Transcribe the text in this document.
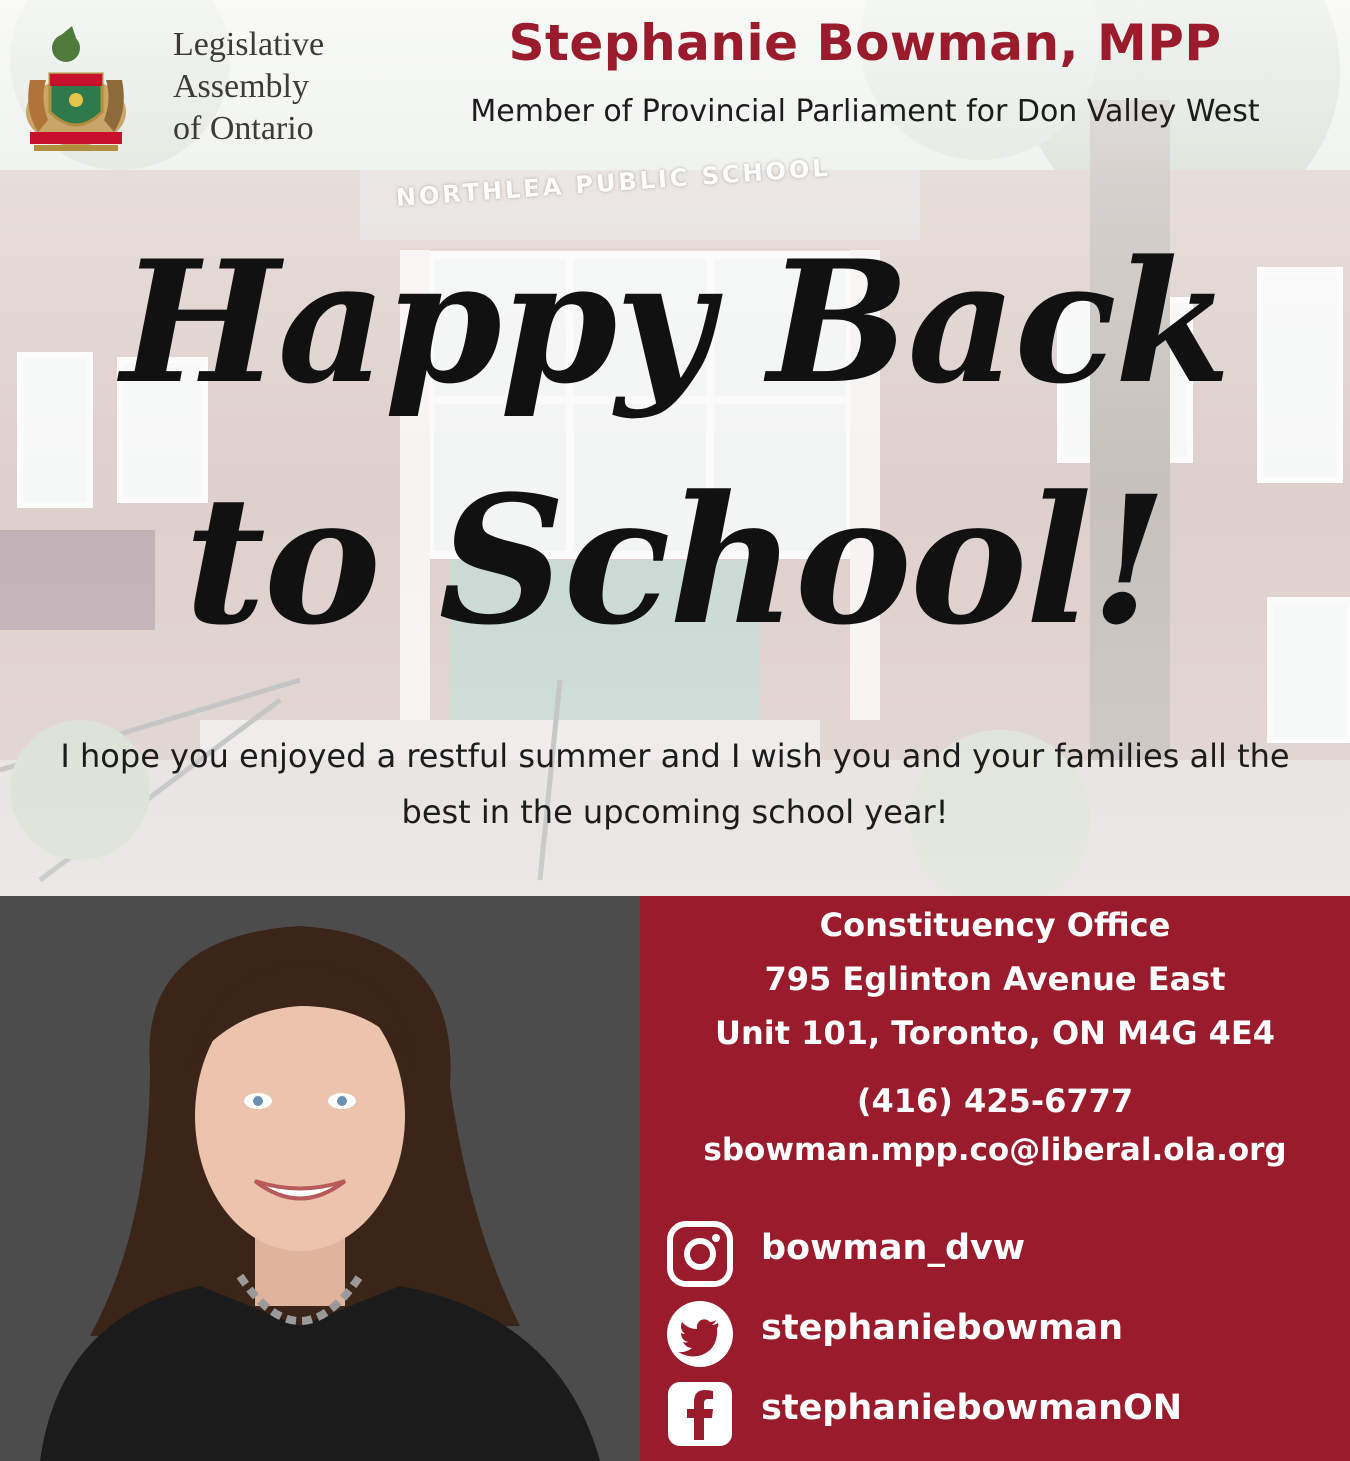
Legislative
Assembly
of Ontario
Stephanie Bowman, MPP
Member of Provincial Parliament for Don Valley West
NORTHLEA PUBLIC SCHOOL
Happy Back
to School!
I hope you enjoyed a restful summer and I wish you and your families all the best in the upcoming school year!
Constituency Office
795 Eglinton Avenue East
Unit 101, Toronto, ON M4G 4E4
(416) 425-6777
sbowman.mpp.co@liberal.ola.org
bowman_dvw
stephaniebowman
stephaniebowmanON
